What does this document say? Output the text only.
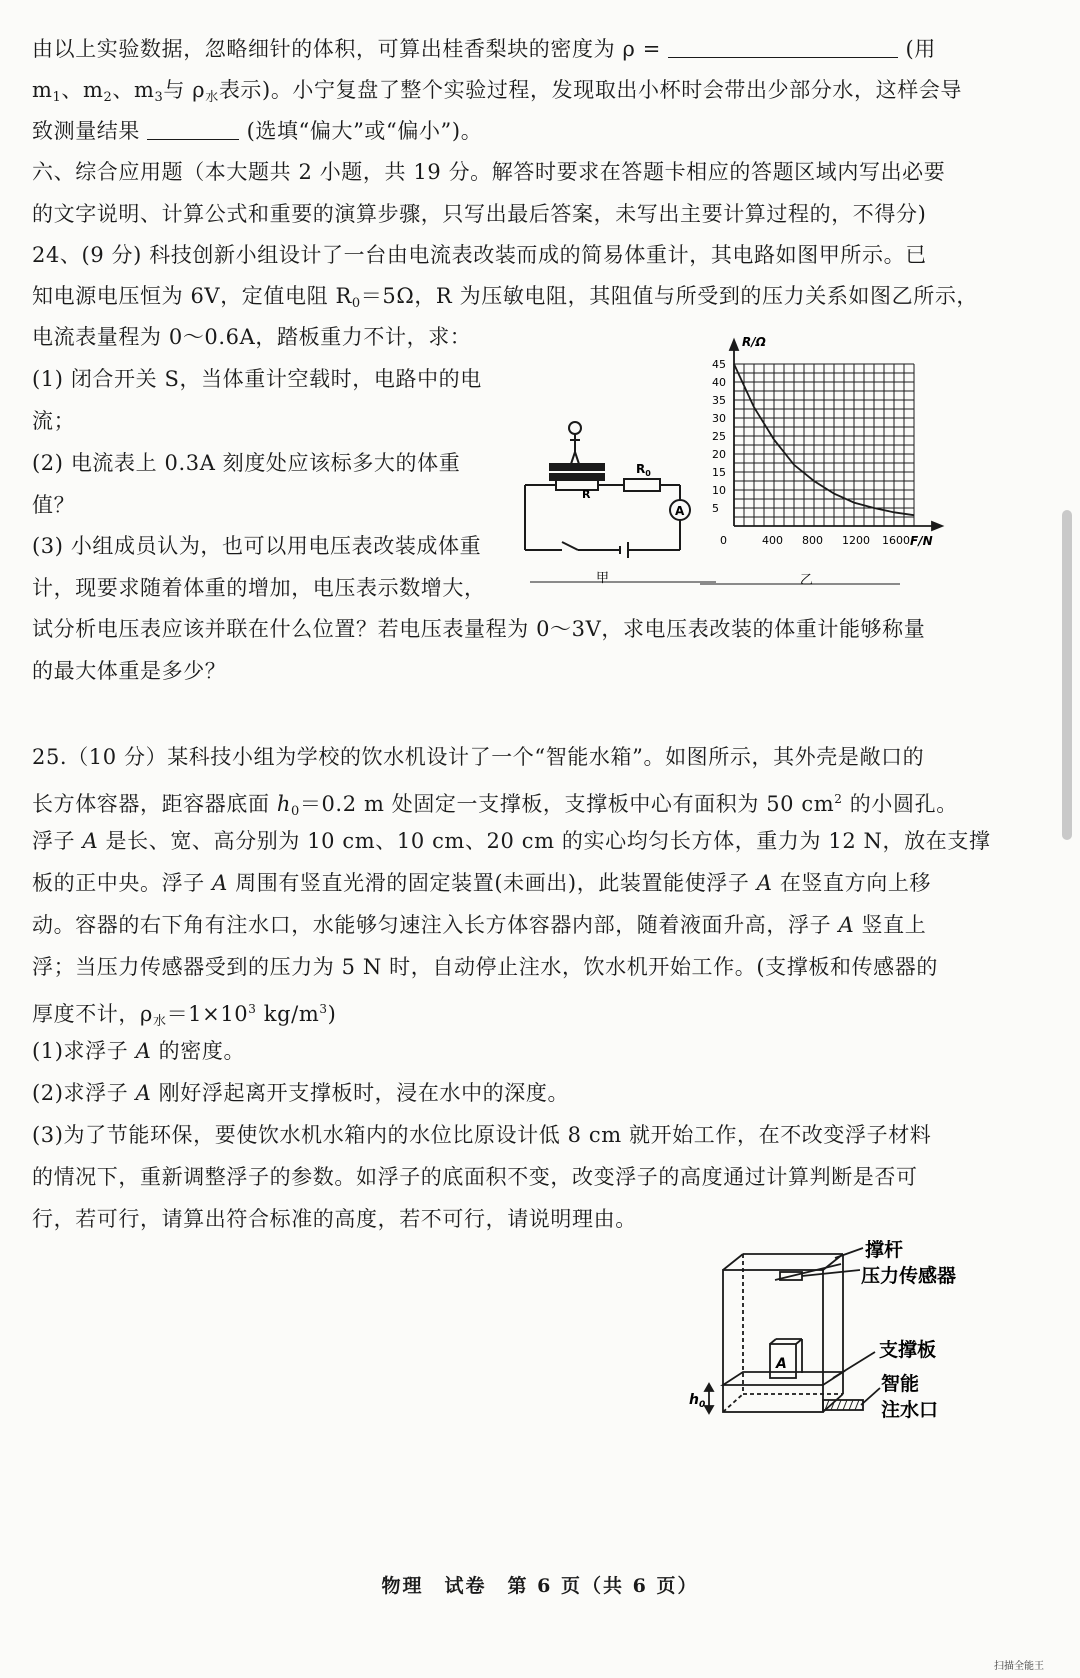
由以上实验数据，忽略细针的体积，可算出桂香梨块的密度为 ρ =	(用
$m_1$、$m_2$、$m_3$与 $\rho_水$表示)。小宁复盘了整个实验过程，发现取出小杯时会带出少部分水，这样会导
致测量结果	(选填“偏大”或“偏小”)。
六、综合应用题（本大题共 2 小题，共 19 分。解答时要求在答题卡相应的答题区域内写出必要
的文字说明、计算公式和重要的演算步骤，只写出最后答案，未写出主要计算过程的，不得分)
24、(9 分) 科技创新小组设计了一台由电流表改装而成的简易体重计，其电路如图甲所示。已
知电源电压恒为 6V，定值电阻 $R_0=5\Omega$，R 为压敏电阻，其阻值与所受到的压力关系如图乙所示，
电流表量程为 0～0.6A，踏板重力不计，求：
(1) 闭合开关 S，当体重计空载时，电路中的电
流；
(2) 电流表上 0.3A 刻度处应该标多大的体重
值？
(3) 小组成员认为，也可以用电压表改装成体重
计，现要求随着体重的增加，电压表示数增大，
试分析电压表应该并联在什么位置？若电压表量程为 0～3V，求电压表改装的体重计能够称量
的最大体重是多少？
25.（10 分）某科技小组为学校的饮水机设计了一个“智能水箱”。如图所示，其外壳是敞口的
长方体容器，距容器底面 $h_0=0.2$ m 处固定一支撑板，支撑板中心有面积为 50 $cm^2$ 的小圆孔。
浮子 A 是长、宽、高分别为 10 cm、10 cm、20 cm 的实心均匀长方体，重力为 12 N，放在支撑
板的正中央。浮子 A 周围有竖直光滑的固定装置(未画出)，此装置能使浮子 A 在竖直方向上移
动。容器的右下角有注水口，水能够匀速注入长方体容器内部，随着液面升高，浮子 A 竖直上
浮；当压力传感器受到的压力为 5 N 时，自动停止注水，饮水机开始工作。(支撑板和传感器的
厚度不计，$\rho_水=1\times 10^3$ $kg/m^3$)
(1)求浮子 A 的密度。
(2)求浮子 A 刚好浮起离开支撑板时，浸在水中的深度。
(3)为了节能环保，要使饮水机水箱内的水位比原设计低 8 cm 就开始工作，在不改变浮子材料
的情况下，重新调整浮子的参数。如浮子的底面积不变，改变浮子的高度通过计算判断是否可
行，若可行，请算出符合标准的高度，若不可行，请说明理由。
R
$R_0$
A
甲
R/Ω
F/N
45
40
35
30
25
20
15
10
5
0	400 800 1200 1600
乙
A
$h_0$
撑杆
压力传感器
支撑板
智能
注水口
物理　试卷　第 6 页（共 6 页）
扫描全能王
